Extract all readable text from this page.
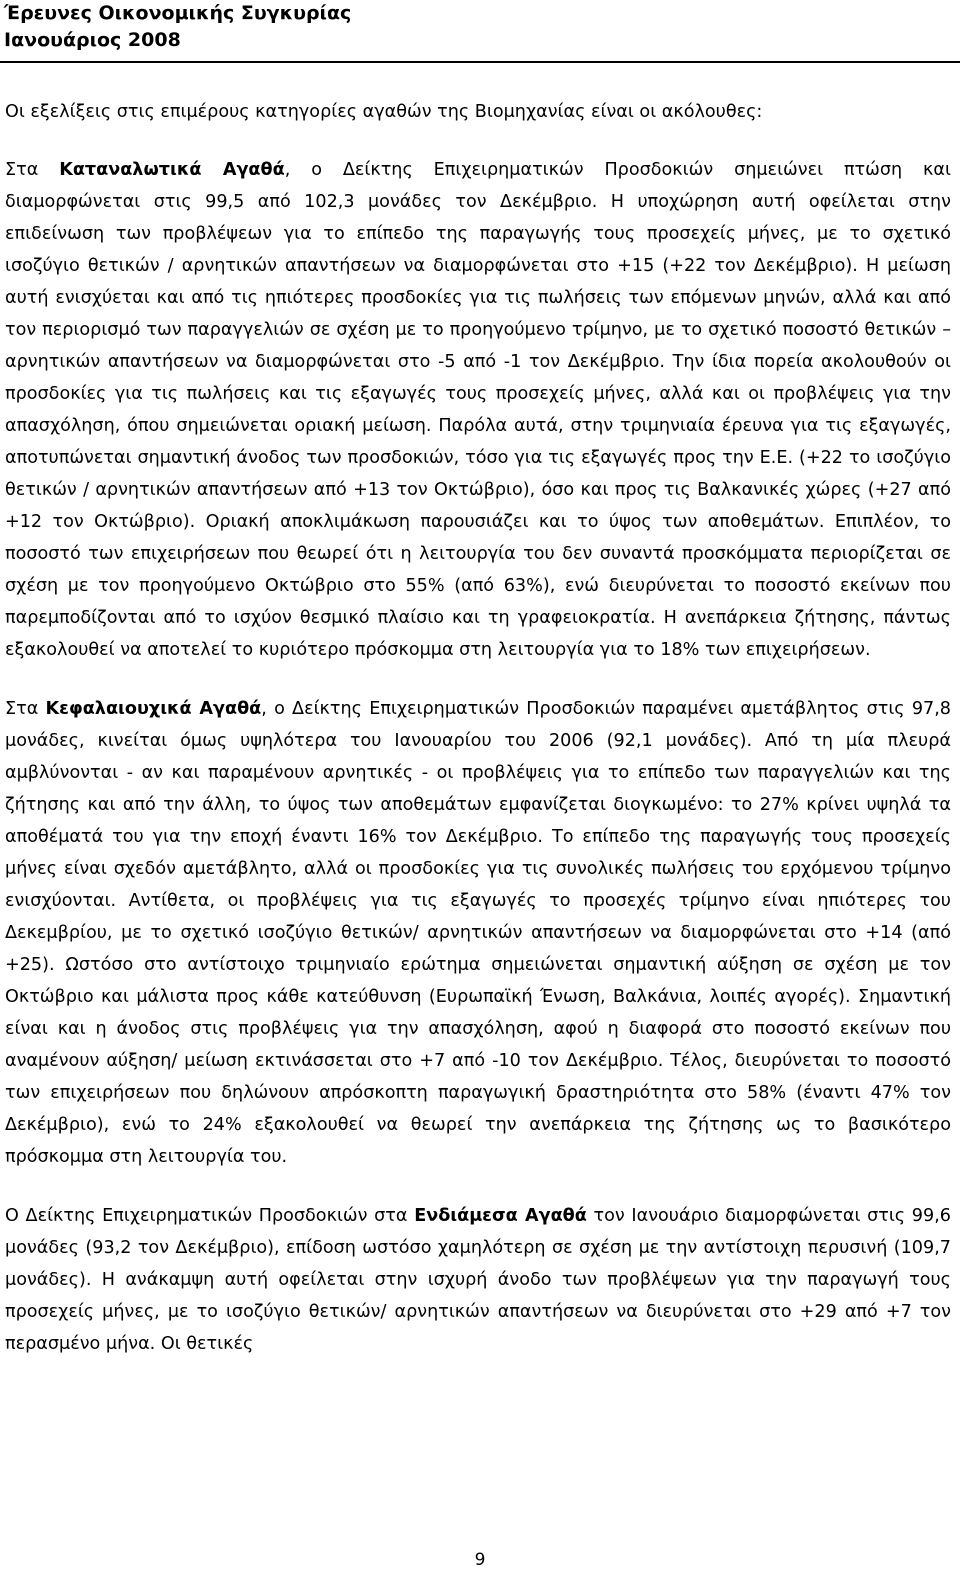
Έρευνες Οικονομικής Συγκυρίας
Ιανουάριος 2008

Οι εξελίξεις στις επιμέρους κατηγορίες αγαθών της Βιομηχανίας είναι οι ακόλουθες:

Στα Καταναλωτικά Αγαθά, ο Δείκτης Επιχειρηματικών Προσδοκιών σημειώνει πτώση και διαμορφώνεται στις 99,5 από 102,3 μονάδες τον Δεκέμβριο. Η υποχώρηση αυτή οφείλεται στην επιδείνωση των προβλέψεων για το επίπεδο της παραγωγής τους προσεχείς μήνες, με το σχετικό ισοζύγιο θετικών / αρνητικών απαντήσεων να διαμορφώνεται στο +15 (+22 τον Δεκέμβριο). Η μείωση αυτή ενισχύεται και από τις ηπιότερες προσδοκίες για τις πωλήσεις των επόμενων μηνών, αλλά και από τον περιορισμό των παραγγελιών σε σχέση με το προηγούμενο τρίμηνο, με το σχετικό ποσοστό θετικών – αρνητικών απαντήσεων να διαμορφώνεται στο -5 από -1 τον Δεκέμβριο. Την ίδια πορεία ακολουθούν οι προσδοκίες για τις πωλήσεις και τις εξαγωγές τους προσεχείς μήνες, αλλά και οι προβλέψεις για την απασχόληση, όπου σημειώνεται οριακή μείωση. Παρόλα αυτά, στην τριμηνιαία έρευνα για τις εξαγωγές, αποτυπώνεται σημαντική άνοδος των προσδοκιών, τόσο για τις εξαγωγές προς την Ε.Ε. (+22 το ισοζύγιο θετικών / αρνητικών απαντήσεων από +13 τον Οκτώβριο), όσο και προς τις Βαλκανικές χώρες (+27 από +12 τον Οκτώβριο). Οριακή αποκλιμάκωση παρουσιάζει και το ύψος των αποθεμάτων. Επιπλέον, το ποσοστό των επιχειρήσεων που θεωρεί ότι η λειτουργία του δεν συναντά προσκόμματα περιορίζεται σε σχέση με τον προηγούμενο Οκτώβριο στο 55% (από 63%), ενώ διευρύνεται το ποσοστό εκείνων που παρεμποδίζονται από το ισχύον θεσμικό πλαίσιο και τη γραφειοκρατία. Η ανεπάρκεια ζήτησης, πάντως εξακολουθεί να αποτελεί το κυριότερο πρόσκομμα στη λειτουργία για το 18% των επιχειρήσεων.

Στα Κεφαλαιουχικά Αγαθά, ο Δείκτης Επιχειρηματικών Προσδοκιών παραμένει αμετάβλητος στις 97,8 μονάδες, κινείται όμως υψηλότερα του Ιανουαρίου του 2006 (92,1 μονάδες). Από τη μία πλευρά αμβλύνονται - αν και παραμένουν αρνητικές - οι προβλέψεις για το επίπεδο των παραγγελιών και της ζήτησης και από την άλλη, το ύψος των αποθεμάτων εμφανίζεται διογκωμένο: το 27% κρίνει υψηλά τα αποθέματά του για την εποχή έναντι 16% τον Δεκέμβριο. Το επίπεδο της παραγωγής τους προσεχείς μήνες είναι σχεδόν αμετάβλητο, αλλά οι προσδοκίες για τις συνολικές πωλήσεις του ερχόμενου τρίμηνο ενισχύονται. Αντίθετα, οι προβλέψεις για τις εξαγωγές το προσεχές τρίμηνο είναι ηπιότερες του Δεκεμβρίου, με το σχετικό ισοζύγιο θετικών/ αρνητικών απαντήσεων να διαμορφώνεται στο +14 (από +25). Ωστόσο στο αντίστοιχο τριμηνιαίο ερώτημα σημειώνεται σημαντική αύξηση σε σχέση με τον Οκτώβριο και μάλιστα προς κάθε κατεύθυνση (Ευρωπαϊκή Ένωση, Βαλκάνια, λοιπές αγορές). Σημαντική είναι και η άνοδος στις προβλέψεις για την απασχόληση, αφού η διαφορά στο ποσοστό εκείνων που αναμένουν αύξηση/ μείωση εκτινάσσεται στο +7 από -10 τον Δεκέμβριο. Τέλος, διευρύνεται το ποσοστό των επιχειρήσεων που δηλώνουν απρόσκοπτη παραγωγική δραστηριότητα στο 58% (έναντι 47% τον Δεκέμβριο), ενώ το 24% εξακολουθεί να θεωρεί την ανεπάρκεια της ζήτησης ως το βασικότερο πρόσκομμα στη λειτουργία του.

Ο Δείκτης Επιχειρηματικών Προσδοκιών στα Ενδιάμεσα Αγαθά τον Ιανουάριο διαμορφώνεται στις 99,6 μονάδες (93,2 τον Δεκέμβριο), επίδοση ωστόσο χαμηλότερη σε σχέση με την αντίστοιχη περυσινή (109,7 μονάδες). Η ανάκαμψη αυτή οφείλεται στην ισχυρή άνοδο των προβλέψεων για την παραγωγή τους προσεχείς μήνες, με το ισοζύγιο θετικών/ αρνητικών απαντήσεων να διευρύνεται στο +29 από +7 τον περασμένο μήνα. Οι θετικές

9
